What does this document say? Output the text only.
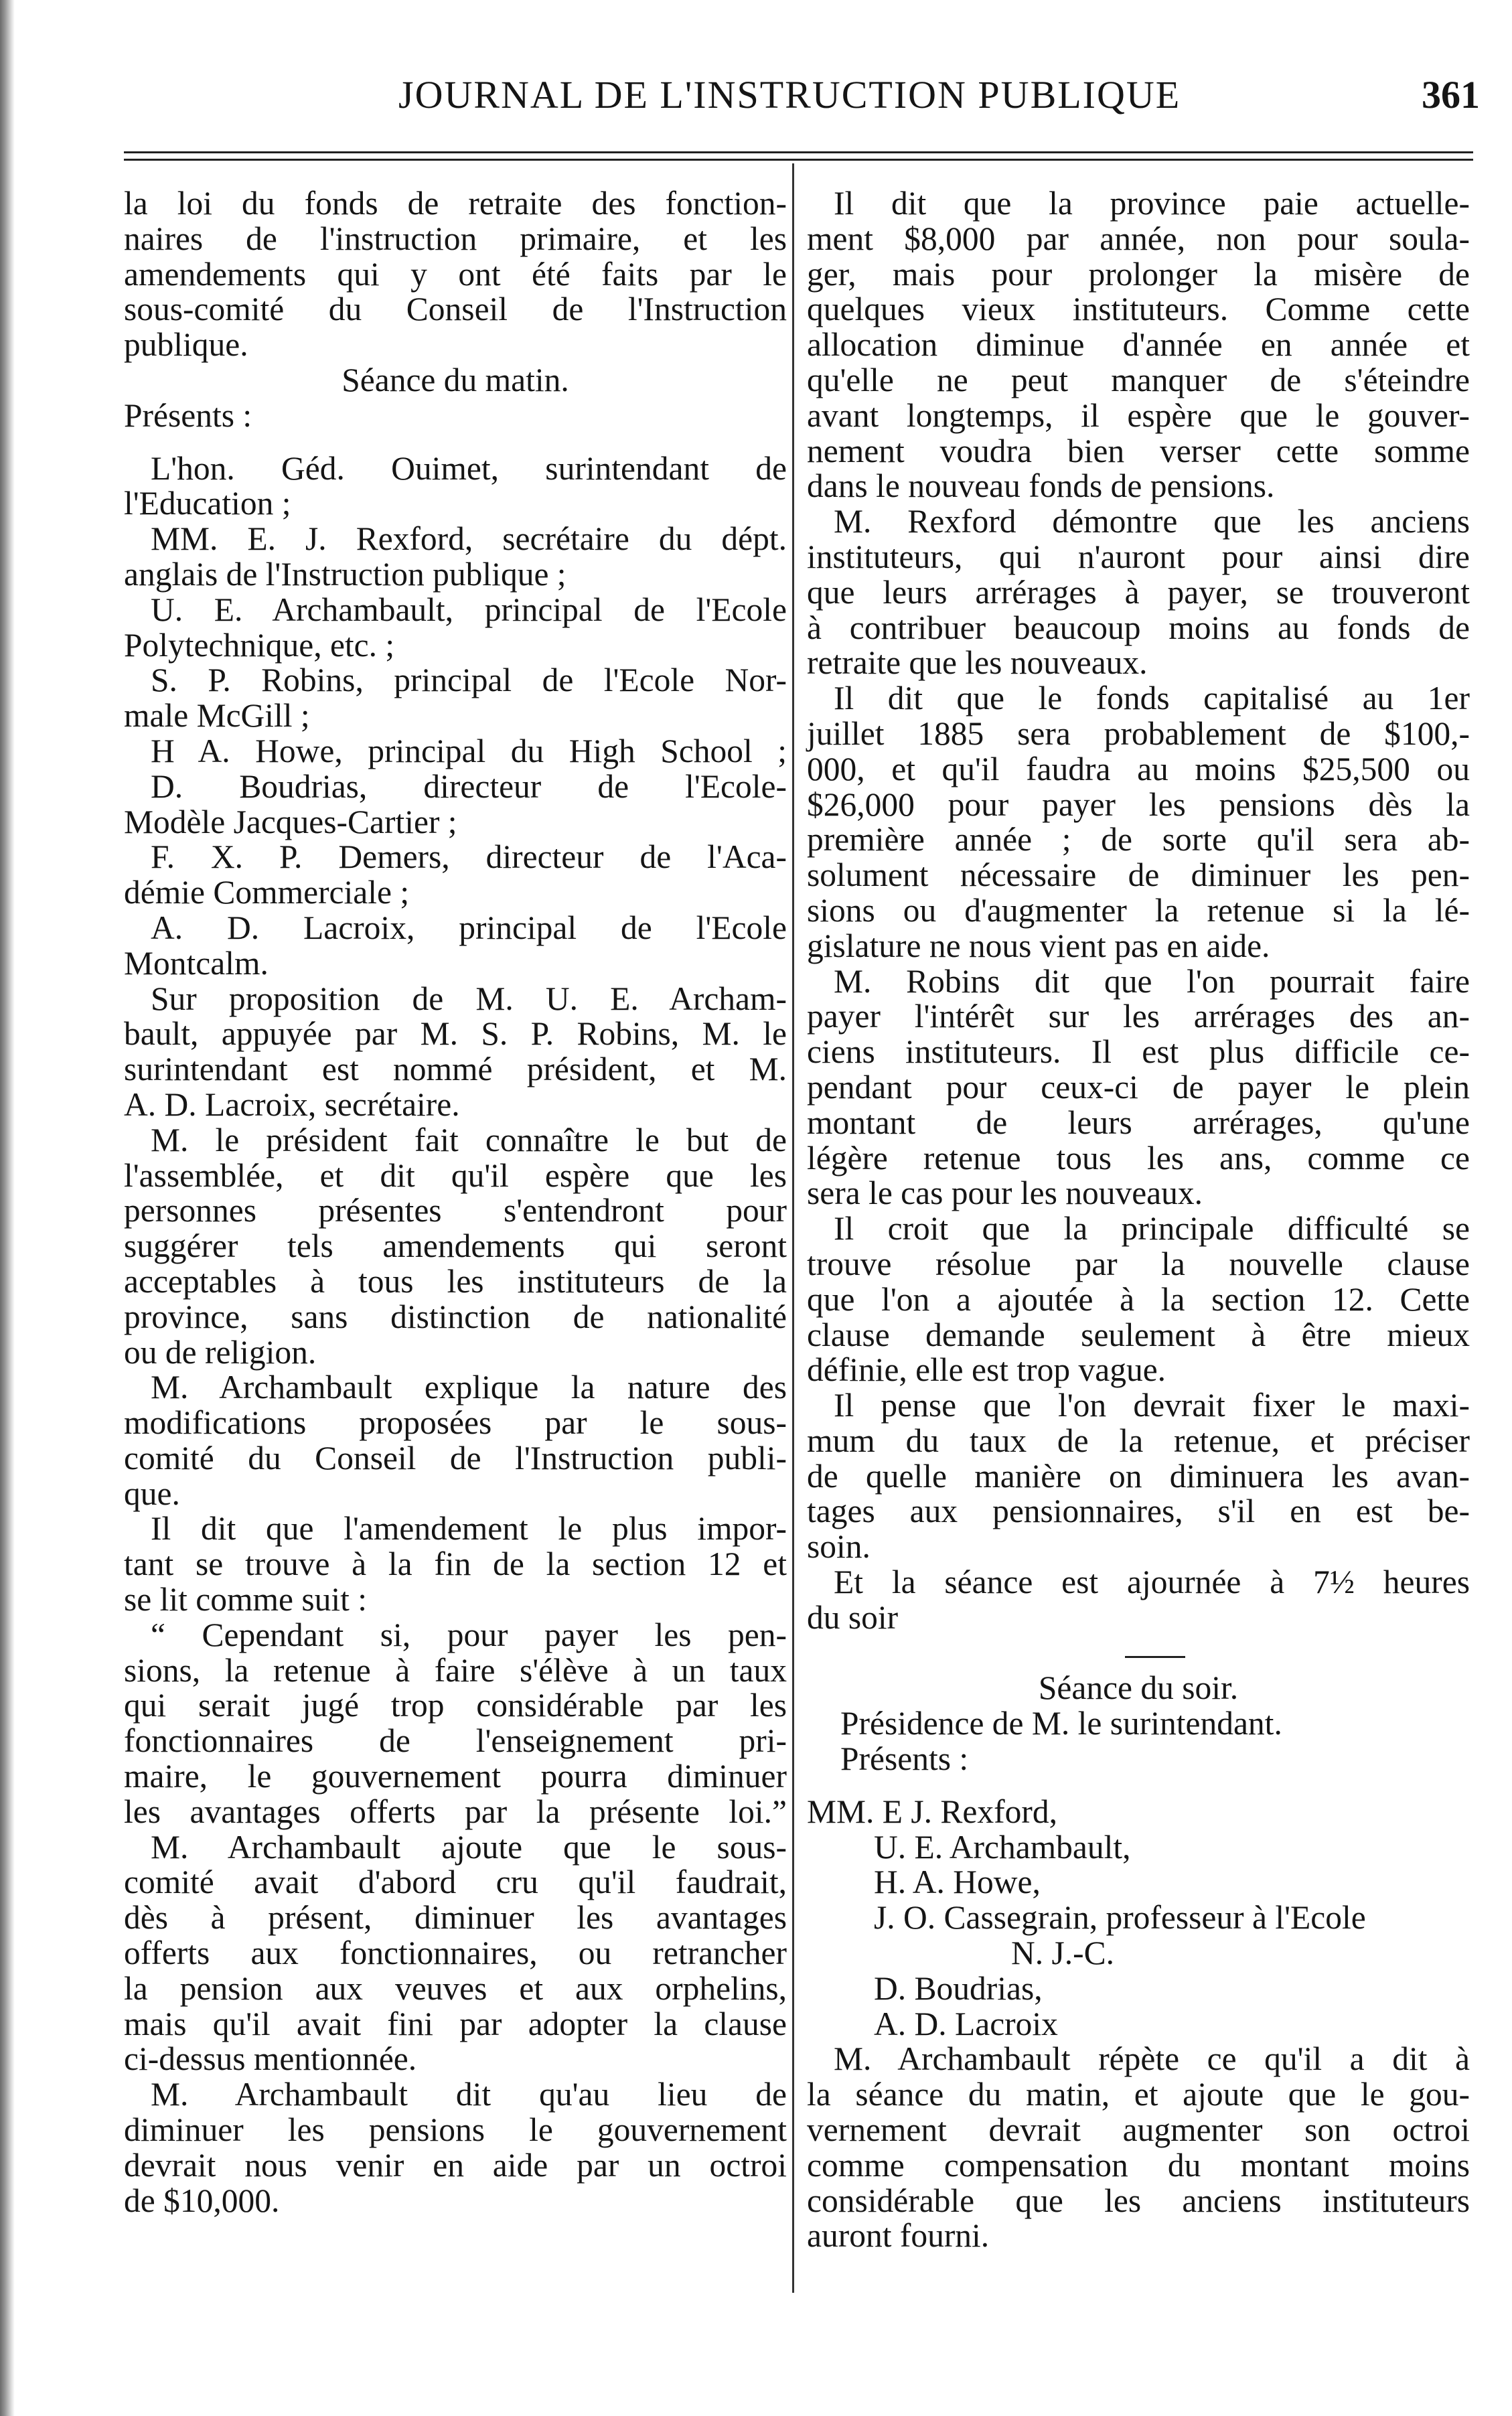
JOURNAL DE L'INSTRUCTION PUBLIQUE	361
la loi du fonds de retraite des fonction-
naires de l'instruction primaire, et les
amendements qui y ont été faits par le
sous-comité du Conseil de l'Instruction
publique.
Séance du matin.
Présents :
L'hon. Géd. Ouimet, surintendant de
l'Education ;
MM. E. J. Rexford, secrétaire du dépt.
anglais de l'Instruction publique ;
U. E. Archambault, principal de l'Ecole
Polytechnique, etc. ;
S. P. Robins, principal de l'Ecole Nor-
male McGill ;
H A. Howe, principal du High School ;
D. Boudrias, directeur de l'Ecole-
Modèle Jacques-Cartier ;
F. X. P. Demers, directeur de l'Aca-
démie Commerciale ;
A. D. Lacroix, principal de l'Ecole
Montcalm.
Sur proposition de M. U. E. Archam-
bault, appuyée par M. S. P. Robins, M. le
surintendant est nommé président, et M.
A. D. Lacroix, secrétaire.
M. le président fait connaître le but de
l'assemblée, et dit qu'il espère que les
personnes présentes s'entendront pour
suggérer tels amendements qui seront
acceptables à tous les instituteurs de la
province, sans distinction de nationalité
ou de religion.
M. Archambault explique la nature des
modifications proposées par le sous-
comité du Conseil de l'Instruction publi-
que.
Il dit que l'amendement le plus impor-
tant se trouve à la fin de la section 12 et
se lit comme suit :
“ Cependant si, pour payer les pen-
sions, la retenue à faire s'élève à un taux
qui serait jugé trop considérable par les
fonctionnaires de l'enseignement pri-
maire, le gouvernement pourra diminuer
les avantages offerts par la présente loi.”
M. Archambault ajoute que le sous-
comité avait d'abord cru qu'il faudrait,
dès à présent, diminuer les avantages
offerts aux fonctionnaires, ou retrancher
la pension aux veuves et aux orphelins,
mais qu'il avait fini par adopter la clause
ci-dessus mentionnée.
M. Archambault dit qu'au lieu de
diminuer les pensions le gouvernement
devrait nous venir en aide par un octroi
de $10,000.
Il dit que la province paie actuelle-
ment $8,000 par année, non pour soula-
ger, mais pour prolonger la misère de
quelques vieux instituteurs. Comme cette
allocation diminue d'année en année et
qu'elle ne peut manquer de s'éteindre
avant longtemps, il espère que le gouver-
nement voudra bien verser cette somme
dans le nouveau fonds de pensions.
M. Rexford démontre que les anciens
instituteurs, qui n'auront pour ainsi dire
que leurs arrérages à payer, se trouveront
à contribuer beaucoup moins au fonds de
retraite que les nouveaux.
Il dit que le fonds capitalisé au 1er
juillet 1885 sera probablement de $100,-
000, et qu'il faudra au moins $25,500 ou
$26,000 pour payer les pensions dès la
première année ; de sorte qu'il sera ab-
solument nécessaire de diminuer les pen-
sions ou d'augmenter la retenue si la lé-
gislature ne nous vient pas en aide.
M. Robins dit que l'on pourrait faire
payer l'intérêt sur les arrérages des an-
ciens instituteurs. Il est plus difficile ce-
pendant pour ceux-ci de payer le plein
montant de leurs arrérages, qu'une
légère retenue tous les ans, comme ce
sera le cas pour les nouveaux.
Il croit que la principale difficulté se
trouve résolue par la nouvelle clause
que l'on a ajoutée à la section 12. Cette
clause demande seulement à être mieux
définie, elle est trop vague.
Il pense que l'on devrait fixer le maxi-
mum du taux de la retenue, et préciser
de quelle manière on diminuera les avan-
tages aux pensionnaires, s'il en est be-
soin.
Et la séance est ajournée à 7½ heures
du soir
Séance du soir.
Présidence de M. le surintendant.
Présents :
MM. E J. Rexford,
U. E. Archambault,
H. A. Howe,
J. O. Cassegrain, professeur à l'Ecole
N. J.-C.
D. Boudrias,
A. D. Lacroix
M. Archambault répète ce qu'il a dit à
la séance du matin, et ajoute que le gou-
vernement devrait augmenter son octroi
comme compensation du montant moins
considérable que les anciens instituteurs
auront fourni.
